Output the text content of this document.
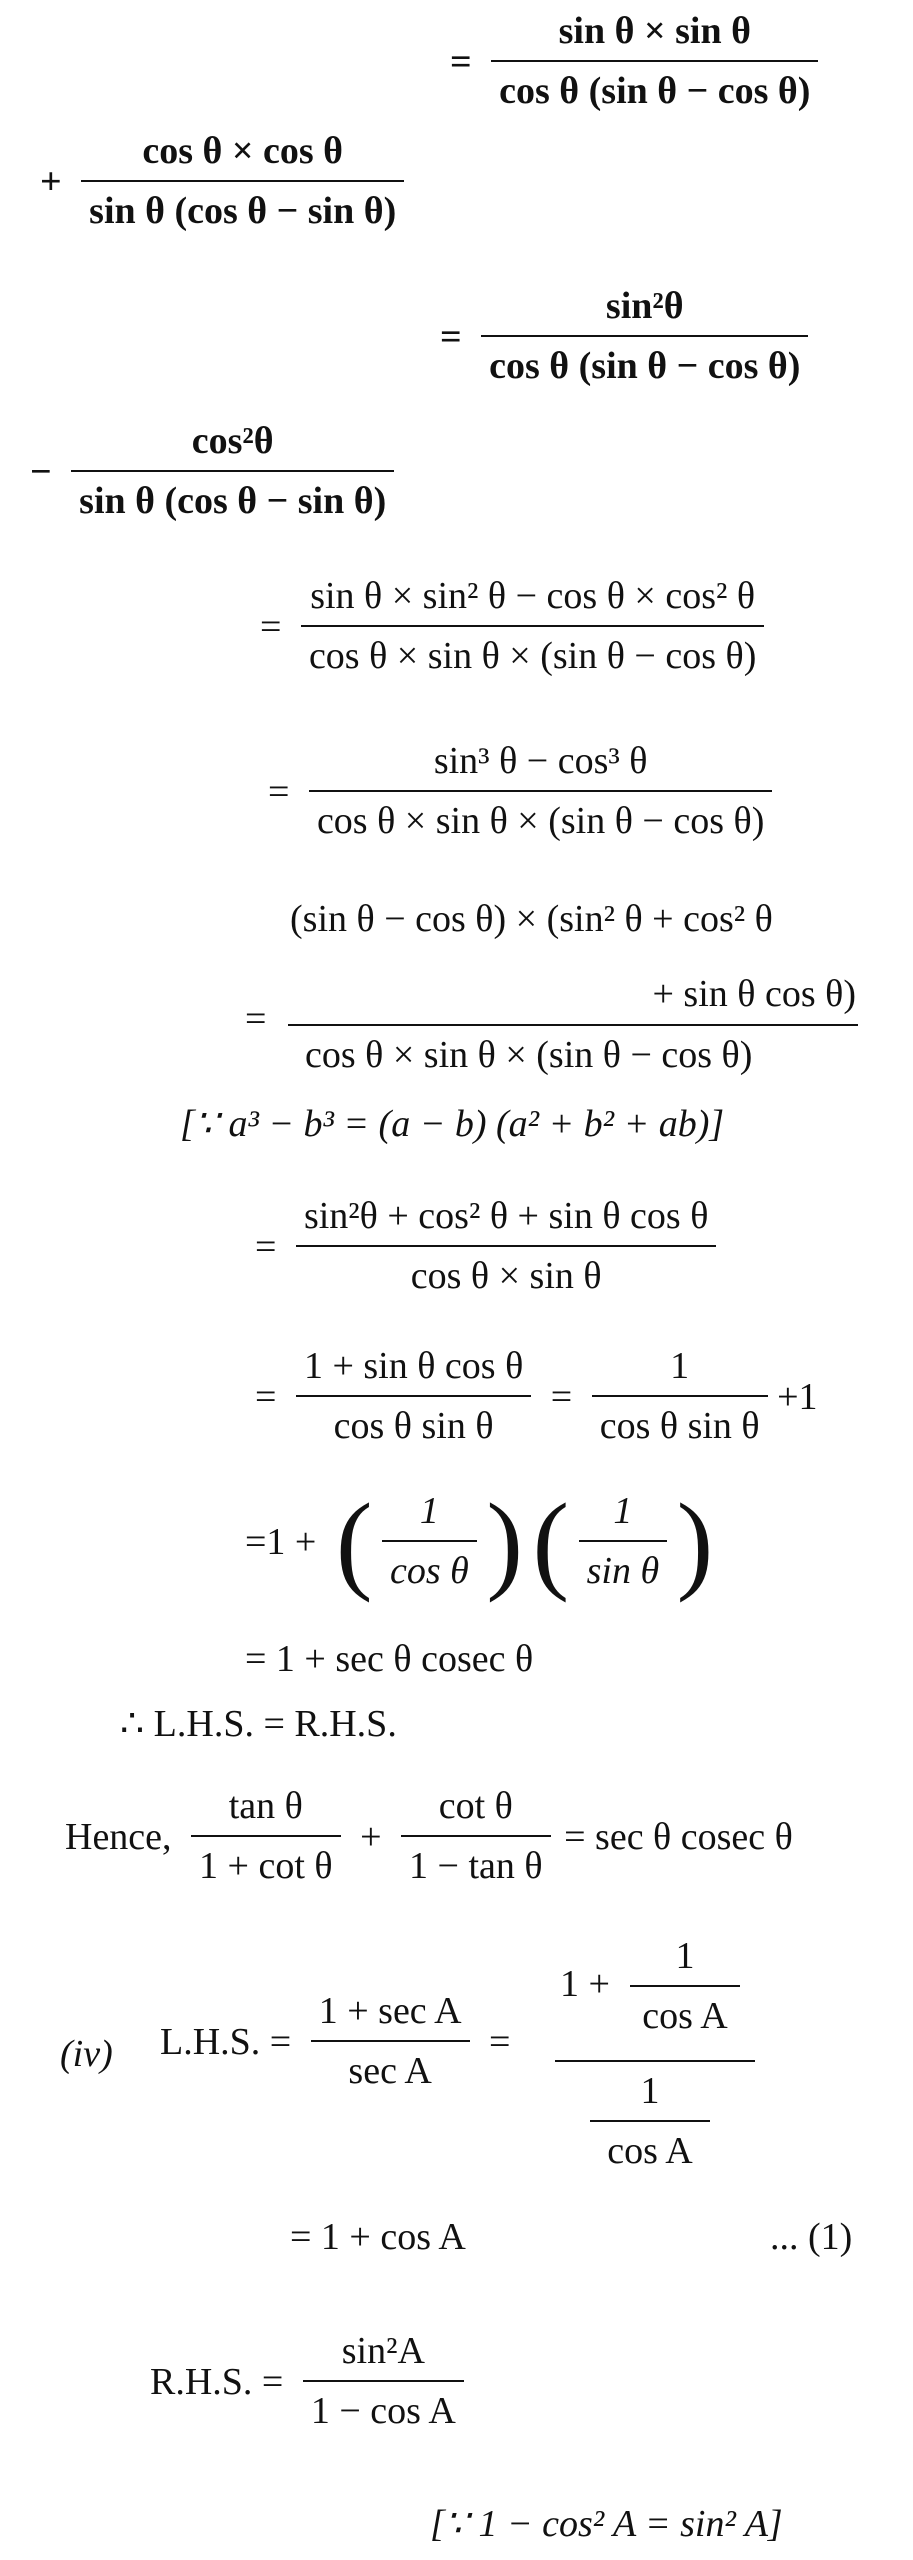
= $\frac{\text{sin θ × sin θ}}{\text{cos θ (sin θ − cos θ)}}$
+ $\frac{\text{cos θ × cos θ}}{\text{sin θ (cos θ − sin θ)}}$
= $\frac{\text{sin²θ}}{\text{cos θ (sin θ − cos θ)}}$
− $\frac{\text{cos²θ}}{\text{sin θ (cos θ − sin θ)}}$
= $\frac{\text{sin θ × sin² θ − cos θ × cos² θ}}{\text{cos θ × sin θ × (sin θ − cos θ)}}$
= $\frac{\text{sin³ θ − cos³ θ}}{\text{cos θ × sin θ × (sin θ − cos θ)}}$
(sin θ − cos θ) × (sin² θ + cos² θ
=
+ sin θ cos θ)
cos θ × sin θ × (sin θ − cos θ)
[∵ a³ − b³ = (a − b) (a² + b² + ab)]
= $\frac{\text{sin²θ + cos² θ + sin θ cos θ}}{\text{cos θ × sin θ}}$
= $\frac{\text{1 + sin θ cos θ}}{\text{cos θ sin θ}} = \frac{1}{\text{cos θ sin θ}} +1$
=1 + ( $\frac{1}{\text{cos θ}}$ ) ( $\frac{1}{\text{sin θ}}$ )
= 1 + sec θ cosec θ
∴ L.H.S. = R.H.S.
Hence, $\frac{\text{tan θ}}{\text{1 + cot θ}} + \frac{\text{cot θ}}{\text{1 − tan θ}} = \sec \theta$ cosec θ
(iv) L.H.S. = $\frac{\text{1 + sec A}}{\text{sec A}}$ =
$1 + \frac{1}{\text{cos A}}$
$\frac{1}{\text{cos A}}$
= 1 + cos A	... (1)
R.H.S. = $\frac{\text{sin²A}}{\text{1 − cos A}}$
[∵ 1 − cos² A = sin² A]
